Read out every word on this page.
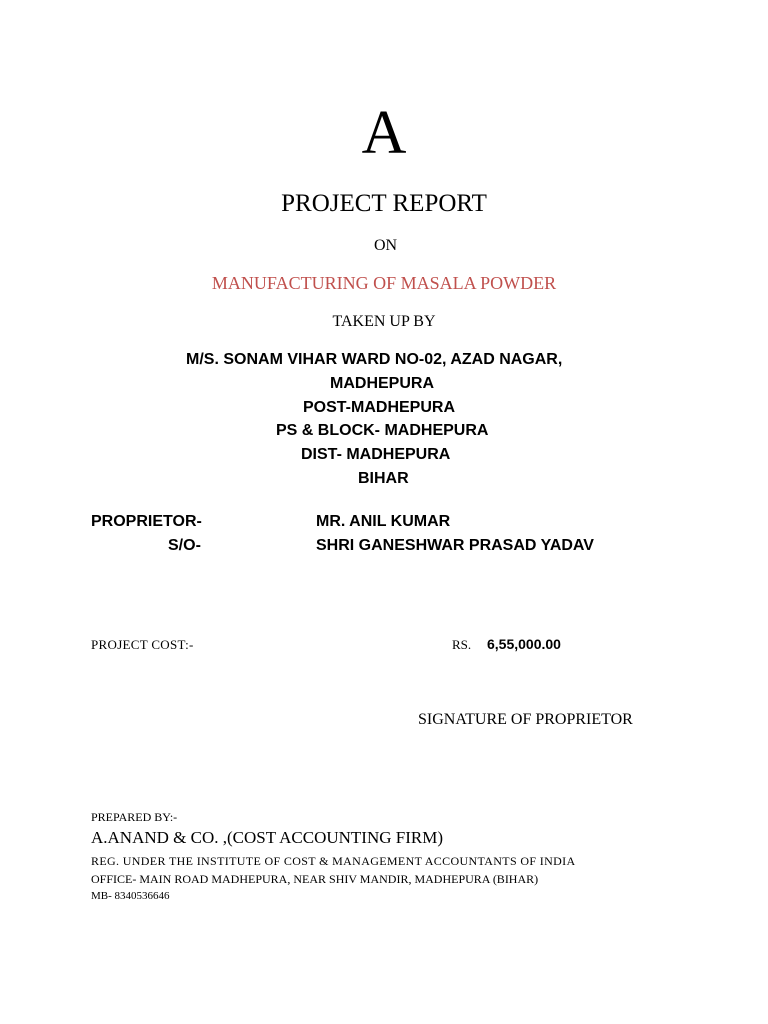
A
PROJECT REPORT
ON
MANUFACTURING OF MASALA POWDER
TAKEN UP BY
M/S. SONAM VIHAR WARD NO-02, AZAD NAGAR,
MADHEPURA
POST-MADHEPURA
PS & BLOCK- MADHEPURA
DIST- MADHEPURA
BIHAR
PROPRIETOR-	MR. ANIL KUMAR
S/O-	SHRI GANESHWAR PRASAD YADAV
PROJECT COST:-	RS. 6,55,000.00
SIGNATURE OF PROPRIETOR
PREPARED BY:-
A.ANAND & CO. ,(COST ACCOUNTING FIRM)
REG. UNDER THE INSTITUTE OF COST & MANAGEMENT ACCOUNTANTS OF INDIA
OFFICE- MAIN ROAD MADHEPURA, NEAR SHIV MANDIR, MADHEPURA (BIHAR)
MB- 8340536646
